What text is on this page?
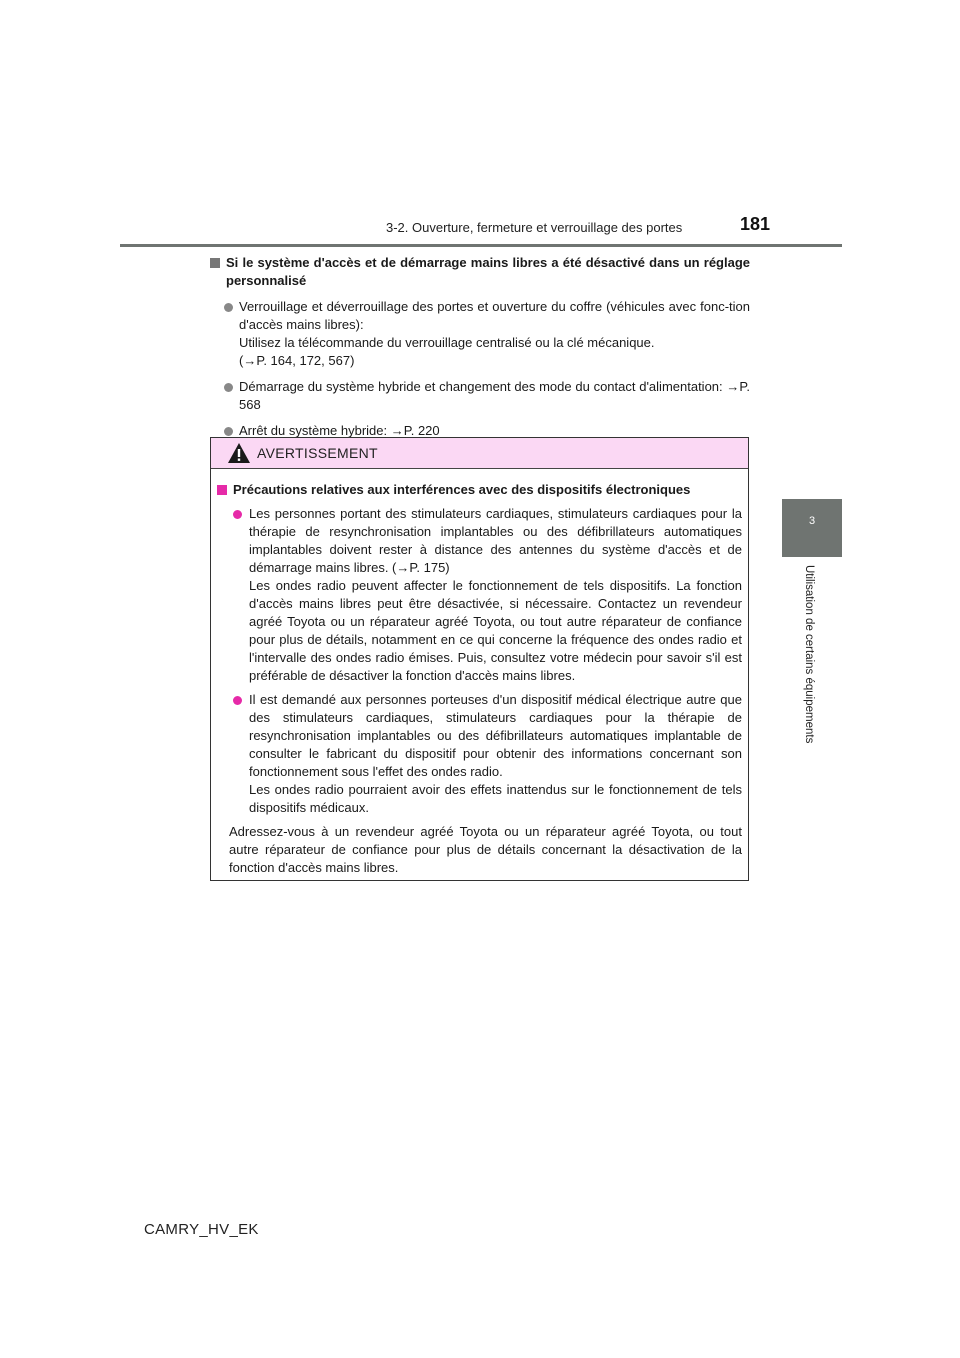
3-2. Ouverture, fermeture et verrouillage des portes	181
3
Utilisation de certains équipements
Si le système d'accès et de démarrage mains libres a été désactivé dans un réglage personnalisé
Verrouillage et déverrouillage des portes et ouverture du coffre (véhicules avec fonc-tion d'accès mains libres):
Utilisez la télécommande du verrouillage centralisé ou la clé mécanique.
(→P. 164, 172, 567)
Démarrage du système hybride et changement des mode du contact d'alimentation: →P. 568
Arrêt du système hybride: →P. 220
AVERTISSEMENT
Précautions relatives aux interférences avec des dispositifs électroniques
Les personnes portant des stimulateurs cardiaques, stimulateurs cardiaques pour la thérapie de resynchronisation implantables ou des défibrillateurs automatiques implantables doivent rester à distance des antennes du système d'accès et de démarrage mains libres. (→P. 175)
Les ondes radio peuvent affecter le fonctionnement de tels dispositifs. La fonction d'accès mains libres peut être désactivée, si nécessaire. Contactez un revendeur agréé Toyota ou un réparateur agréé Toyota, ou tout autre réparateur de confiance pour plus de détails, notamment en ce qui concerne la fréquence des ondes radio et l'intervalle des ondes radio émises. Puis, consultez votre médecin pour savoir s'il est préférable de désactiver la fonction d'accès mains libres.
Il est demandé aux personnes porteuses d'un dispositif médical électrique autre que des stimulateurs cardiaques, stimulateurs cardiaques pour la thérapie de resynchronisation implantables ou des défibrillateurs automatiques implantable de consulter le fabricant du dispositif pour obtenir des informations concernant son fonctionnement sous l'effet des ondes radio.
Les ondes radio pourraient avoir des effets inattendus sur le fonctionnement de tels dispositifs médicaux.
Adressez-vous à un revendeur agréé Toyota ou un réparateur agréé Toyota, ou tout autre réparateur de confiance pour plus de détails concernant la désactivation de la fonction d'accès mains libres.
CAMRY_HV_EK
